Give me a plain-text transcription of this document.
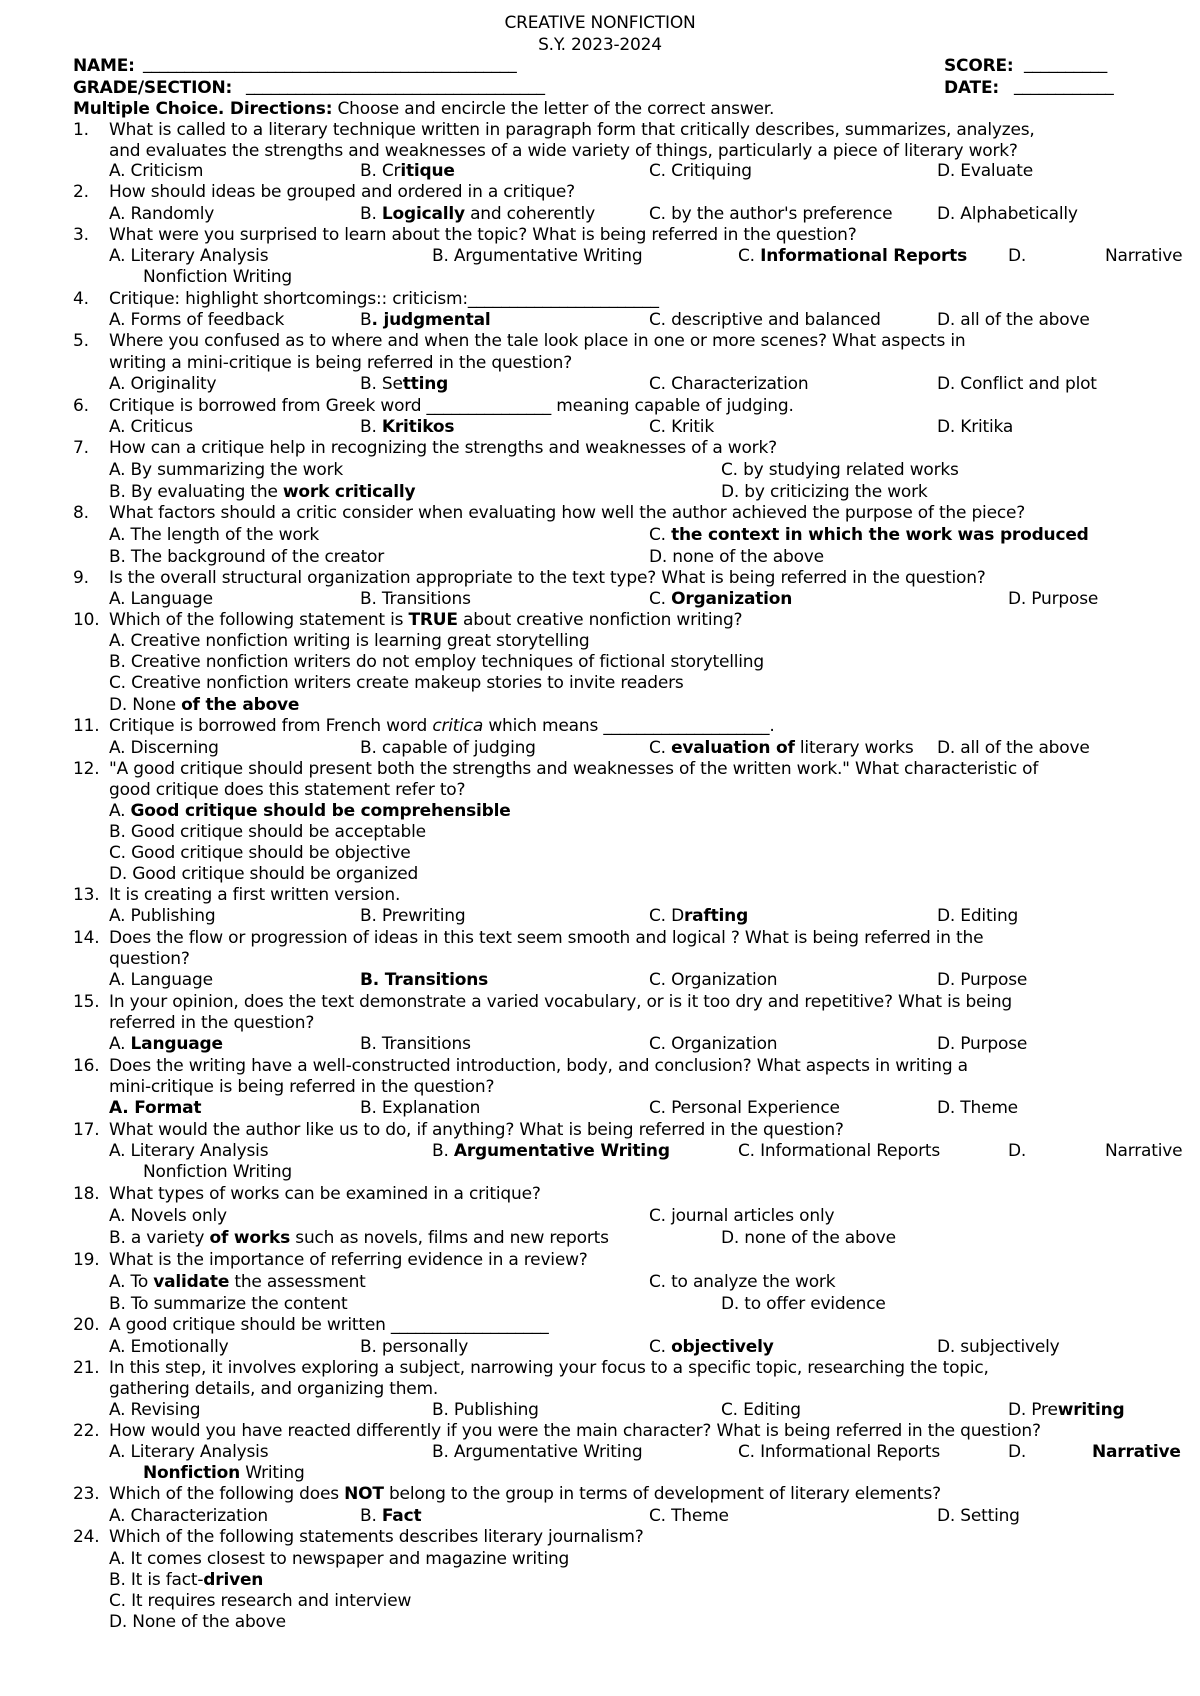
CREATIVE NONFICTION
S.Y. 2023-2024
NAME: _____________________________________________	SCORE: __________
GRADE/SECTION: ____________________________________	DATE: ____________
Multiple Choice. Directions: Choose and encircle the letter of the correct answer.
1. What is called to a literary technique written in paragraph form that critically describes, summarizes, analyzes,
and evaluates the strengths and weaknesses of a wide variety of things, particularly a piece of literary work?
A. Criticism	B. Critique	C. Critiquing	D. Evaluate
2. How should ideas be grouped and ordered in a critique?
A. Randomly	B. Logically and coherently	C. by the author's preference	D. Alphabetically
3. What were you surprised to learn about the topic? What is being referred in the question?
A. Literary Analysis	B. Argumentative Writing	C. Informational Reports D.	Narrative
Nonfiction Writing
4. Critique: highlight shortcomings:: criticism:_______________________
A. Forms of feedback	B. judgmental	C. descriptive and balanced	D. all of the above
5. Where you confused as to where and when the tale look place in one or more scenes? What aspects in
writing a mini-critique is being referred in the question?
A. Originality	B. Setting	C. Characterization	D. Conflict and plot
6. Critique is borrowed from Greek word _______________ meaning capable of judging.
A. Criticus	B. Kritikos	C. Kritik	D. Kritika
7. How can a critique help in recognizing the strengths and weaknesses of a work?
A. By summarizing the work	C. by studying related works
B. By evaluating the work critically	D. by criticizing the work
8. What factors should a critic consider when evaluating how well the author achieved the purpose of the piece?
A. The length of the work	C. the context in which the work was produced
B. The background of the creator	D. none of the above
9. Is the overall structural organization appropriate to the text type? What is being referred in the question?
A. Language	B. Transitions	C. Organization	D. Purpose
10. Which of the following statement is TRUE about creative nonfiction writing?
A. Creative nonfiction writing is learning great storytelling
B. Creative nonfiction writers do not employ techniques of fictional storytelling
C. Creative nonfiction writers create makeup stories to invite readers
D. None of the above
11. Critique is borrowed from French word critica which means ____________________.
A. Discerning	B. capable of judging	C. evaluation of literary works D. all of the above
12. "A good critique should present both the strengths and weaknesses of the written work." What characteristic of
good critique does this statement refer to?
A. Good critique should be comprehensible
B. Good critique should be acceptable
C. Good critique should be objective
D. Good critique should be organized
13. It is creating a first written version.
A. Publishing	B. Prewriting	C. Drafting	D. Editing
14. Does the flow or progression of ideas in this text seem smooth and logical ? What is being referred in the
question?
A. Language	B. Transitions	C. Organization	D. Purpose
15. In your opinion, does the text demonstrate a varied vocabulary, or is it too dry and repetitive? What is being
referred in the question?
A. Language	B. Transitions	C. Organization	D. Purpose
16. Does the writing have a well-constructed introduction, body, and conclusion? What aspects in writing a
mini-critique is being referred in the question?
A. Format	B. Explanation	C. Personal Experience	D. Theme
17. What would the author like us to do, if anything? What is being referred in the question?
A. Literary Analysis	B. Argumentative Writing	C. Informational Reports	D.	Narrative
Nonfiction Writing
18. What types of works can be examined in a critique?
A. Novels only	C. journal articles only
B. a variety of works such as novels, films and new reports	D. none of the above
19. What is the importance of referring evidence in a review?
A. To validate the assessment	C. to analyze the work
B. To summarize the content	D. to offer evidence
20. A good critique should be written ___________________
A. Emotionally	B. personally	C. objectively	D. subjectively
21. In this step, it involves exploring a subject, narrowing your focus to a specific topic, researching the topic,
gathering details, and organizing them.
A. Revising	B. Publishing	C. Editing	D. Prewriting
22. How would you have reacted differently if you were the main character? What is being referred in the question?
A. Literary Analysis	B. Argumentative Writing	C. Informational Reports	D.	Narrative
Nonfiction Writing
23. Which of the following does NOT belong to the group in terms of development of literary elements?
A. Characterization	B. Fact	C. Theme	D. Setting
24. Which of the following statements describes literary journalism?
A. It comes closest to newspaper and magazine writing
B. It is fact-driven
C. It requires research and interview
D. None of the above
